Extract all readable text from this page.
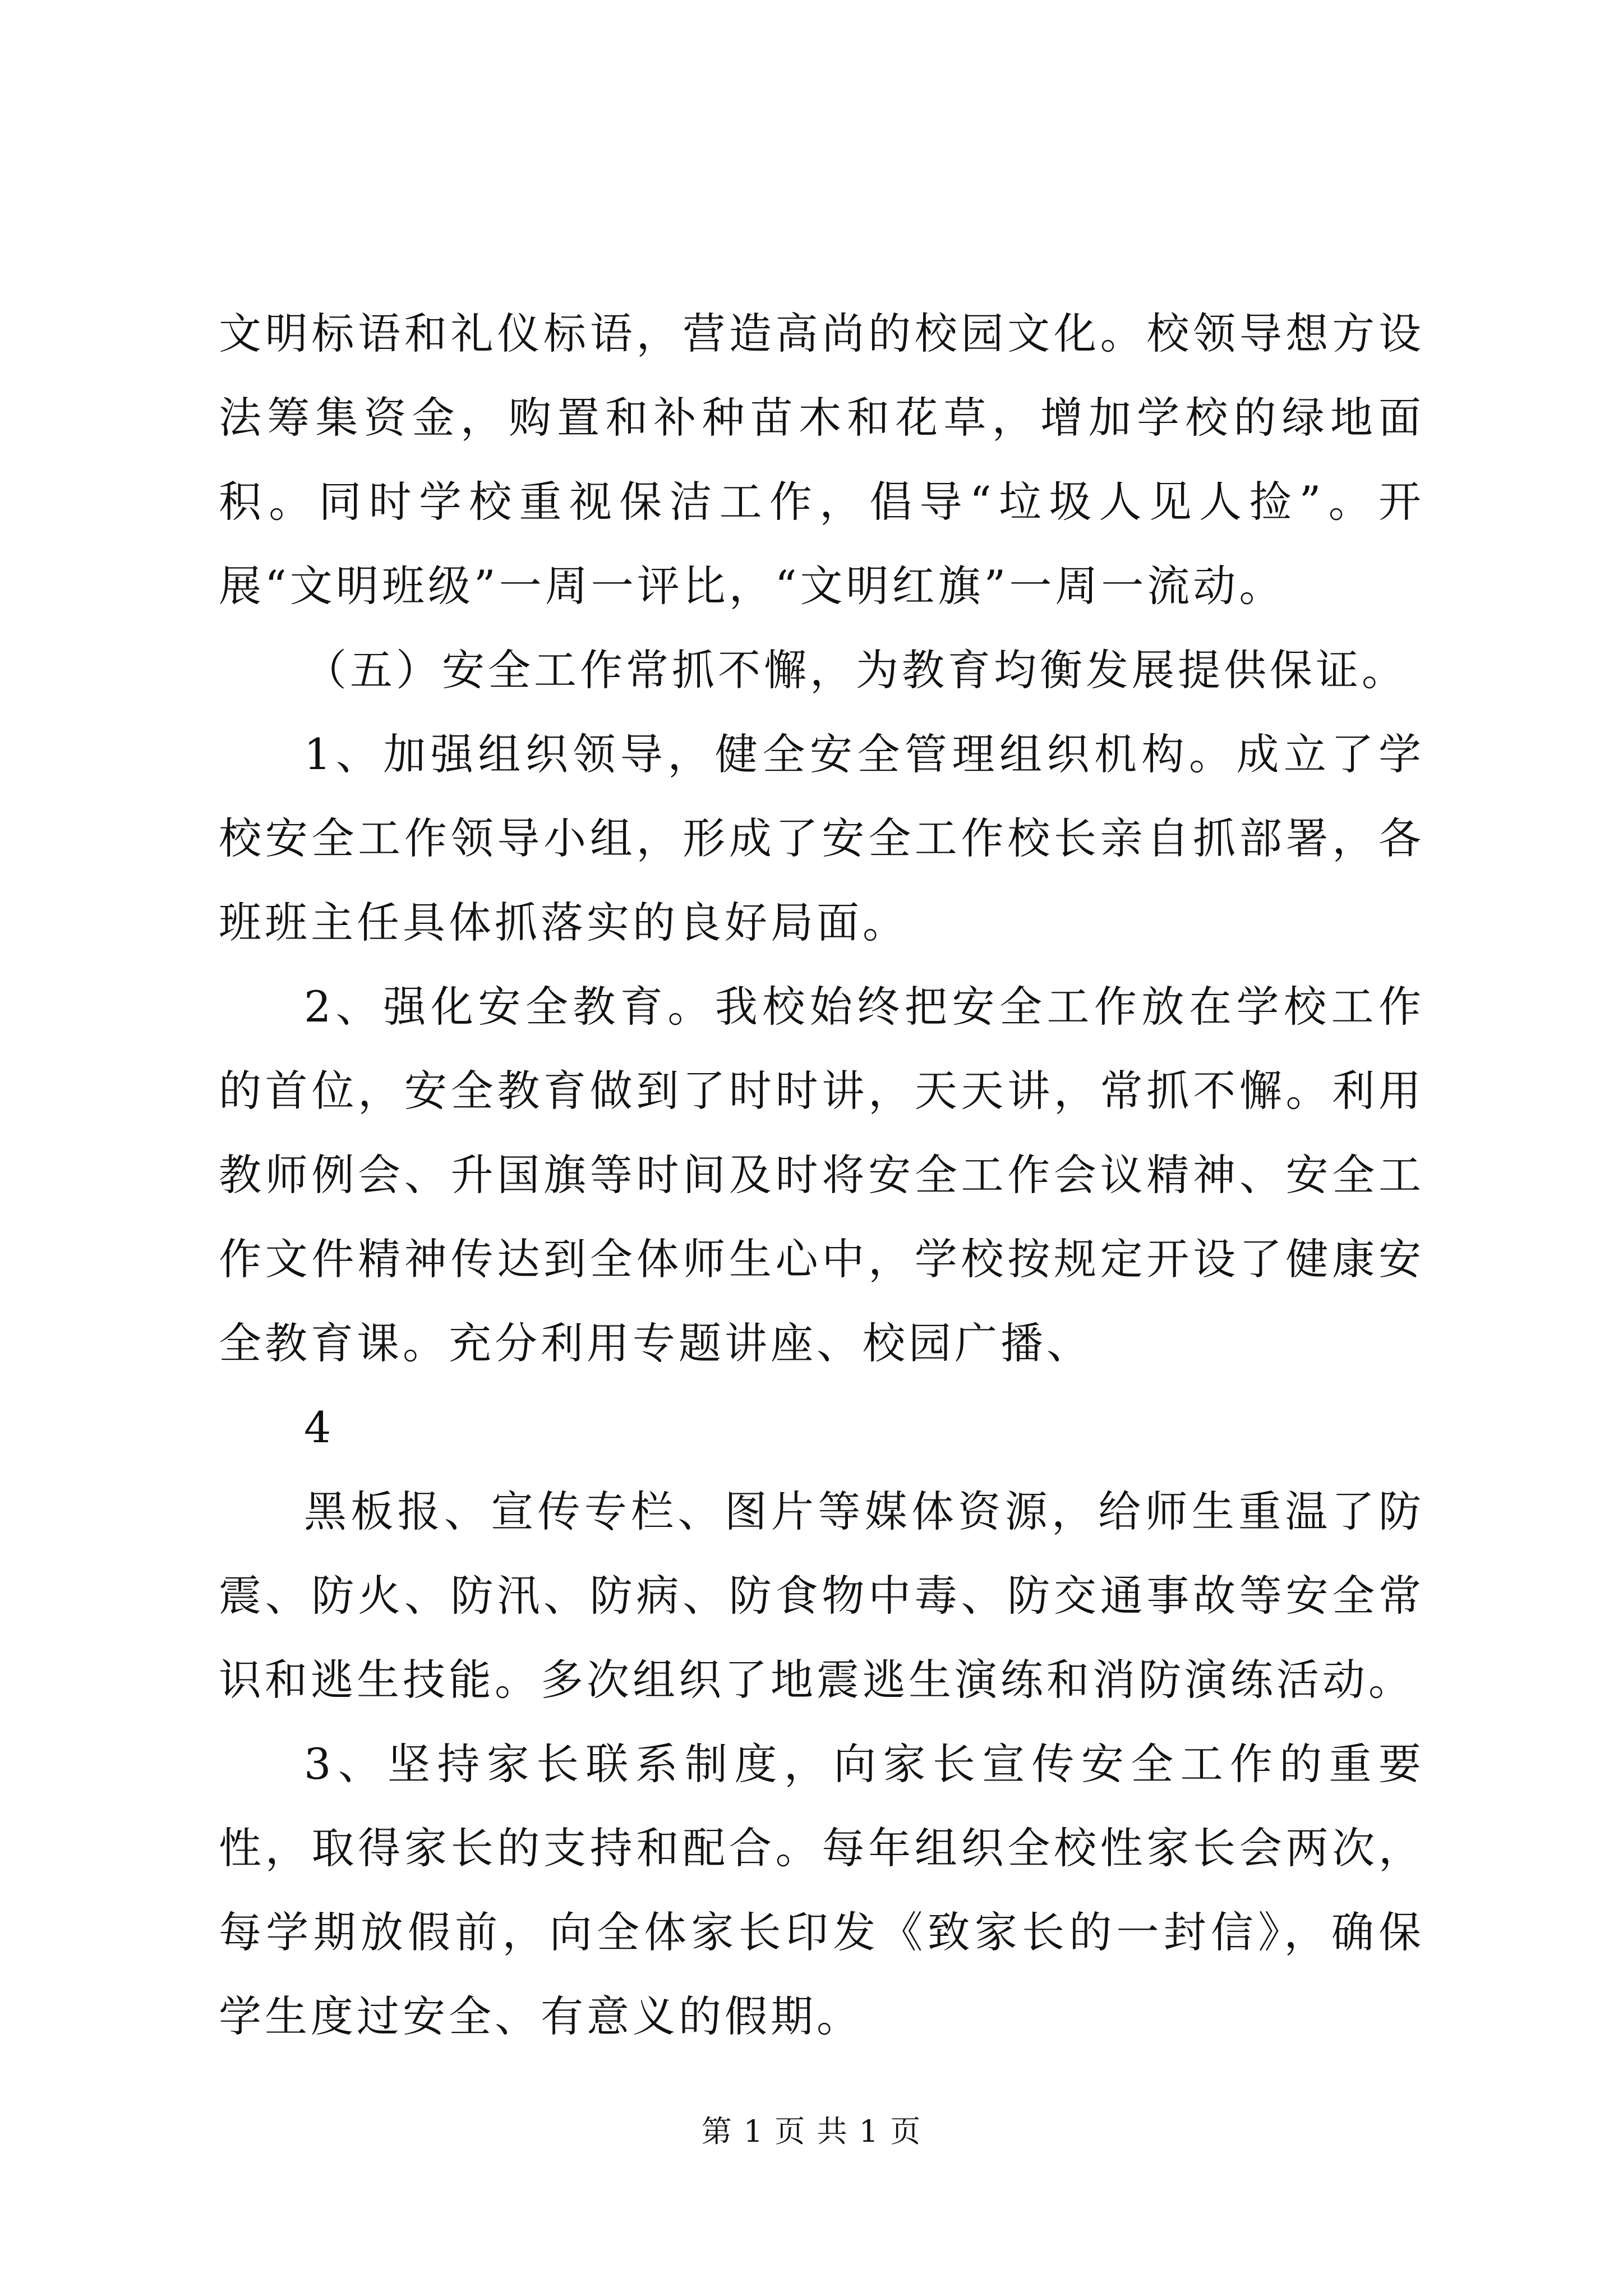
文明标语和礼仪标语，营造高尚的校园文化。校领导想方设法筹集资金，购置和补种苗木和花草，增加学校的绿地面积。同时学校重视保洁工作，倡导“垃圾人见人捡”。开展“文明班级”一周一评比，“文明红旗”一周一流动。

（五）安全工作常抓不懈，为教育均衡发展提供保证。

1、加强组织领导，健全安全管理组织机构。成立了学校安全工作领导小组，形成了安全工作校长亲自抓部署，各班班主任具体抓落实的良好局面。

2、强化安全教育。我校始终把安全工作放在学校工作的首位，安全教育做到了时时讲，天天讲，常抓不懈。利用教师例会、升国旗等时间及时将安全工作会议精神、安全工作文件精神传达到全体师生心中，学校按规定开设了健康安全教育课。充分利用专题讲座、校园广播、

4

黑板报、宣传专栏、图片等媒体资源，给师生重温了防震、防火、防汛、防病、防食物中毒、防交通事故等安全常识和逃生技能。多次组织了地震逃生演练和消防演练活动。

3、坚持家长联系制度，向家长宣传安全工作的重要性，取得家长的支持和配合。每年组织全校性家长会两次，每学期放假前，向全体家长印发《致家长的一封信》，确保学生度过安全、有意义的假期。

第 1 页 共 1 页
